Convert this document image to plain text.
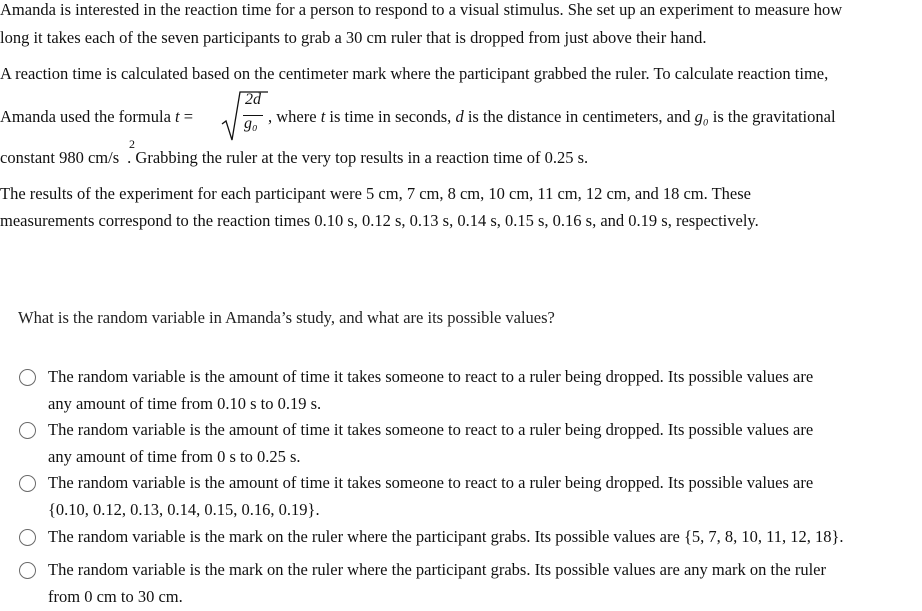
Amanda is interested in the reaction time for a person to respond to a visual stimulus. She set up an experiment to measure how
long it takes each of the seven participants to grab a 30 cm ruler that is dropped from just above their hand.
A reaction time is calculated based on the centimeter mark where the participant grabbed the ruler. To calculate reaction time,
Amanda used the formula t =
2d
g₀ , where t is time in seconds, d is the distance in centimeters, and g₀ is the gravitational
constant 980 cm/s . Grabbing the ruler at the very top results in a reaction time of 0.25 s.
2
The results of the experiment for each participant were 5 cm, 7 cm, 8 cm, 10 cm, 11 cm, 12 cm, and 18 cm. These
measurements correspond to the reaction times 0.10 s, 0.12 s, 0.13 s, 0.14 s, 0.15 s, 0.16 s, and 0.19 s, respectively.
What is the random variable in Amanda’s study, and what are its possible values?
The random variable is the amount of time it takes someone to react to a ruler being dropped. Its possible values are
any amount of time from 0.10 s to 0.19 s.
The random variable is the amount of time it takes someone to react to a ruler being dropped. Its possible values are
any amount of time from 0 s to 0.25 s.
The random variable is the amount of time it takes someone to react to a ruler being dropped. Its possible values are
{0.10, 0.12, 0.13, 0.14, 0.15, 0.16, 0.19}.
The random variable is the mark on the ruler where the participant grabs. Its possible values are {5, 7, 8, 10, 11, 12, 18}.
The random variable is the mark on the ruler where the participant grabs. Its possible values are any mark on the ruler
from 0 cm to 30 cm.
